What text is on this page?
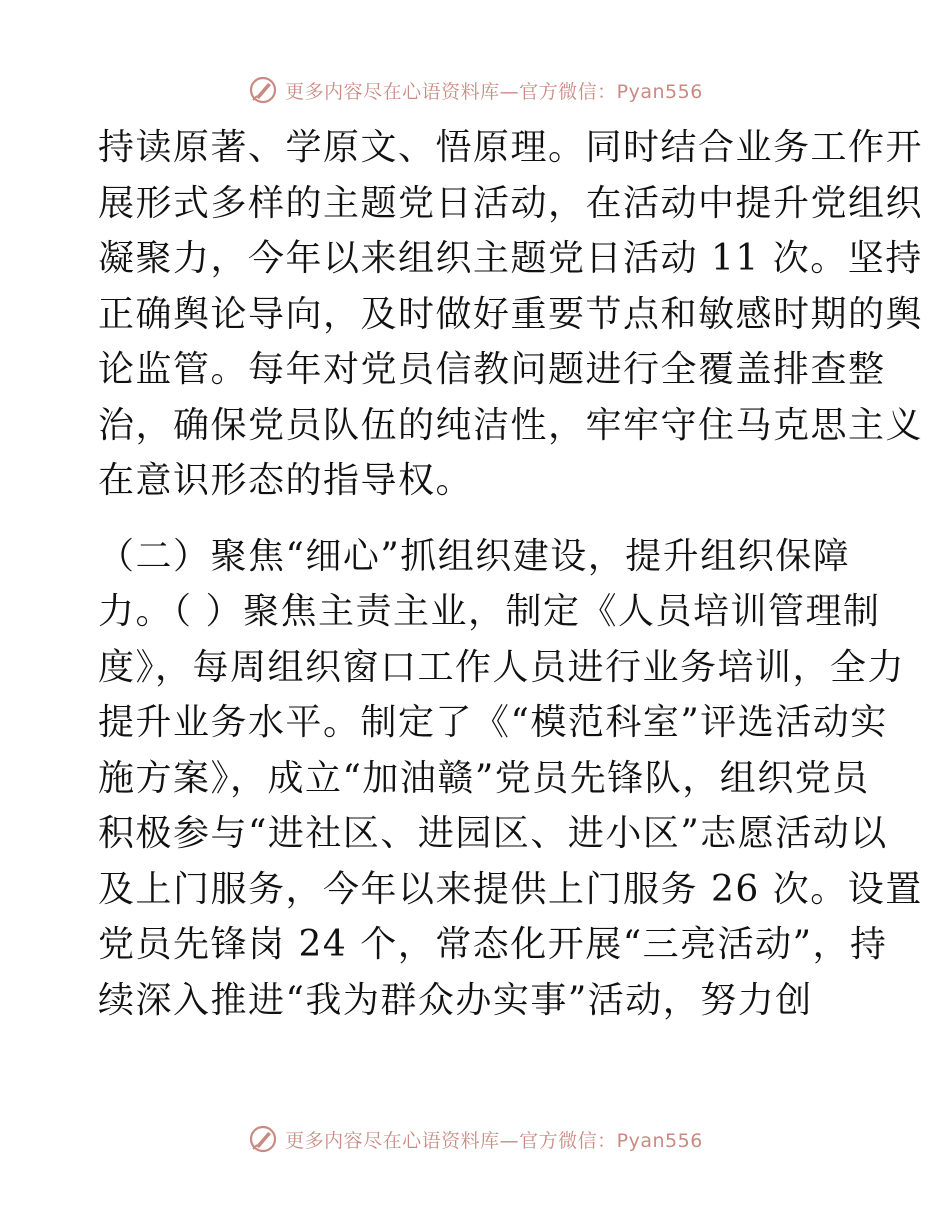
更多内容尽在心语资料库—官方微信：Pyan556
持读原著、学原文、悟原理。同时结合业务工作开
展形式多样的主题党日活动，在活动中提升党组织
凝聚力，今年以来组织主题党日活动 11 次。坚持
正确舆论导向，及时做好重要节点和敏感时期的舆
论监管。每年对党员信教问题进行全覆盖排查整
治，确保党员队伍的纯洁性，牢牢守住马克思主义
在意识形态的指导权。
（二）聚焦“细心”抓组织建设，提升组织保障
力。（ ）聚焦主责主业，制定《人员培训管理制
度》，每周组织窗口工作人员进行业务培训，全力
提升业务水平。制定了《“模范科室”评选活动实
施方案》，成立“加油赣”党员先锋队，组织党员
积极参与“进社区、进园区、进小区”志愿活动以
及上门服务，今年以来提供上门服务 26 次。设置
党员先锋岗 24 个，常态化开展“三亮活动”，持
续深入推进“我为群众办实事”活动，努力创
更多内容尽在心语资料库—官方微信：Pyan556
